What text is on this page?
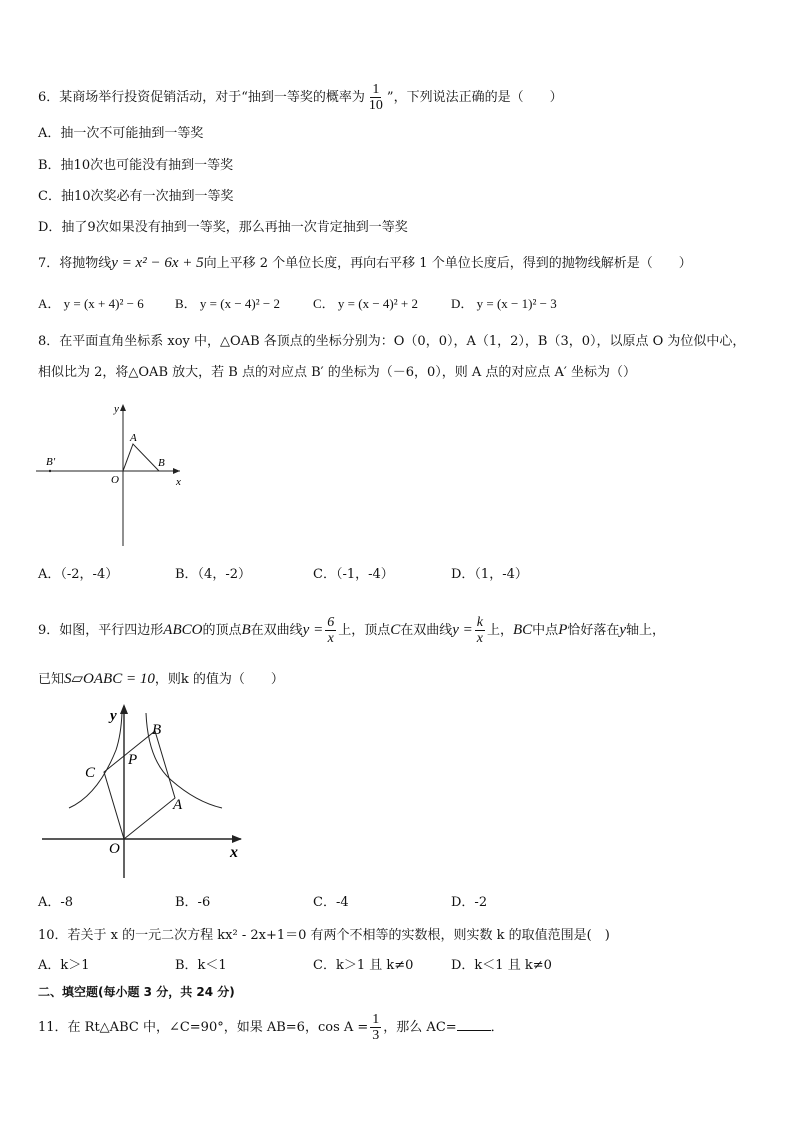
6．某商场举行投资促销活动，对于“抽到一等奖的概率为 $\frac{1}{10}$ ”，下列说法正确的是（　　）
A．抽一次不可能抽到一等奖
B．抽10次也可能没有抽到一等奖
C．抽10次奖必有一次抽到一等奖
D．抽了9次如果没有抽到一等奖，那么再抽一次肯定抽到一等奖
7．将抛物线y = x² − 6x + 5向上平移 2 个单位长度，再向右平移 1 个单位长度后，得到的抛物线解析是（　　）
A． y = (x + 4)² − 6 B． y = (x − 4)² − 2	C． y = (x − 4)² + 2	D． y = (x − 1)² − 3
8．在平面直角坐标系 xoy 中，△OAB 各顶点的坐标分别为：O（0，0），A（1，2），B（3，0），以原点 O 为位似中心，
相似比为 2，将△OAB 放大，若 B 点的对应点 B′ 的坐标为（－6，0），则 A 点的对应点 A′ 坐标为（）
y
A
B
B′
O	x
A．（-2，-4）	B．（4，-2）	C．（-1，-4）	D．（1，-4）
9．如图，平行四边形ABCO的顶点B在双曲线$y = \frac{6}{x}$ 上，顶点C在双曲线$y = \frac{k}{x}$ 上，BC中点P恰好落在y轴上，
已知S▱OABC = 10，则k 的值为（　　）
y
B
P
C
A
O	x
A．-8	B．-6	C．-4	D．-2
10．若关于 x 的一元二次方程 kx² - 2x+1＝0 有两个不相等的实数根，则实数 k 的取值范围是(　)
A．k＞1	B．k＜1	C．k＞1 且 k≠0	D．k＜1 且 k≠0
二、填空题(每小题 3 分，共 24 分)
11．在 Rt△ABC 中，∠C=90°，如果 AB=6，$\cos A = \frac{1}{3}$ ，那么 AC=	．
